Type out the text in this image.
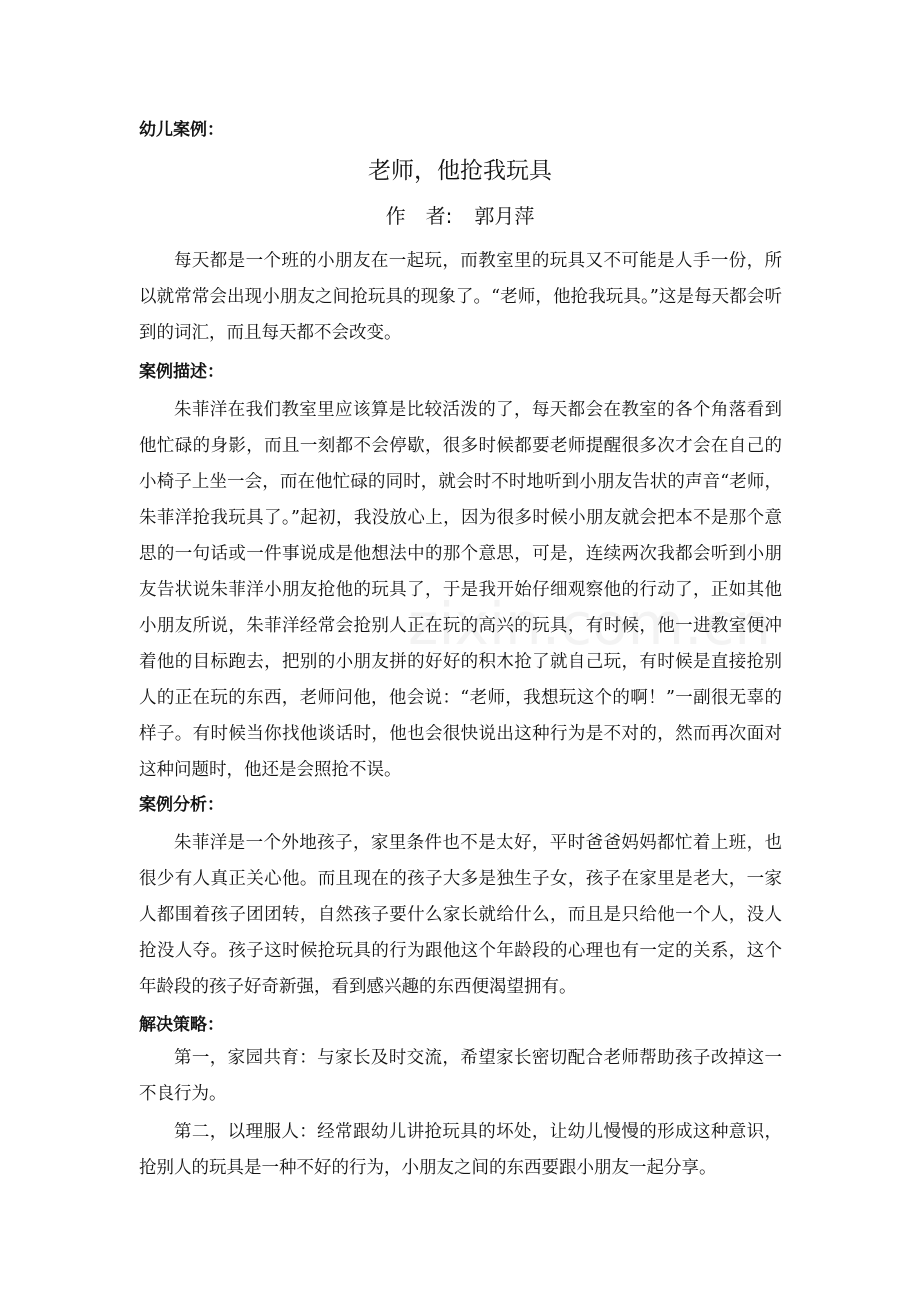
幼儿案例：
老师，他抢我玩具
作　者: 郭月萍

每天都是一个班的小朋友在一起玩，而教室里的玩具又不可能是人手一份，所以就常常会出现小朋友之间抢玩具的现象了。“老师，他抢我玩具。”这是每天都会听到的词汇，而且每天都不会改变。

案例描述：

朱菲洋在我们教室里应该算是比较活泼的了，每天都会在教室的各个角落看到他忙碌的身影，而且一刻都不会停歇，很多时候都要老师提醒很多次才会在自己的小椅子上坐一会，而在他忙碌的同时，就会时不时地听到小朋友告状的声音“老师，朱菲洋抢我玩具了。”起初，我没放心上，因为很多时候小朋友就会把本不是那个意思的一句话或一件事说成是他想法中的那个意思，可是，连续两次我都会听到小朋友告状说朱菲洋小朋友抢他的玩具了，于是我开始仔细观察他的行动了，正如其他小朋友所说，朱菲洋经常会抢别人正在玩的高兴的玩具，有时候，他一进教室便冲着他的目标跑去，把别的小朋友拼的好好的积木抢了就自己玩，有时候是直接抢别人的正在玩的东西，老师问他，他会说：“老师，我想玩这个的啊！”一副很无辜的样子。有时候当你找他谈话时，他也会很快说出这种行为是不对的，然而再次面对这种问题时，他还是会照抢不误。

案例分析：

朱菲洋是一个外地孩子，家里条件也不是太好，平时爸爸妈妈都忙着上班，也很少有人真正关心他。而且现在的孩子大多是独生子女，孩子在家里是老大，一家人都围着孩子团团转，自然孩子要什么家长就给什么，而且是只给他一个人，没人抢没人夺。孩子这时候抢玩具的行为跟他这个年龄段的心理也有一定的关系，这个年龄段的孩子好奇新强，看到感兴趣的东西便渴望拥有。

解决策略：

第一，家园共育：与家长及时交流，希望家长密切配合老师帮助孩子改掉这一不良行为。

第二，以理服人：经常跟幼儿讲抢玩具的坏处，让幼儿慢慢的形成这种意识，抢别人的玩具是一种不好的行为，小朋友之间的东西要跟小朋友一起分享。
